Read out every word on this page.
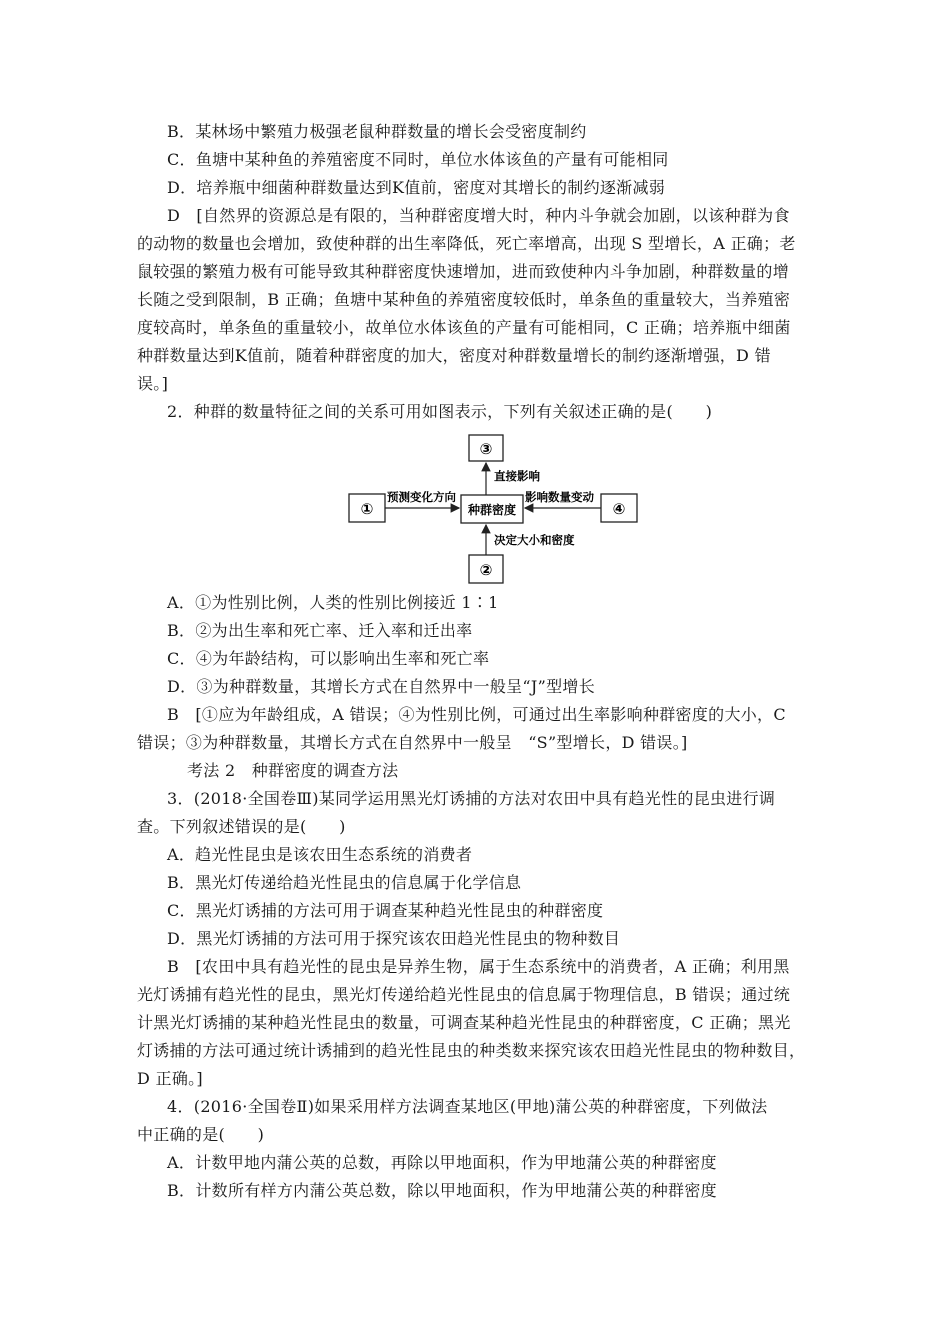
B．某林场中繁殖力极强老鼠种群数量的增长会受密度制约
C．鱼塘中某种鱼的养殖密度不同时，单位水体该鱼的产量有可能相同
D．培养瓶中细菌种群数量达到K值前，密度对其增长的制约逐渐减弱
D　[自然界的资源总是有限的，当种群密度增大时，种内斗争就会加剧，以该种群为食
的动物的数量也会增加，致使种群的出生率降低，死亡率增高，出现 S 型增长，A 正确；老
鼠较强的繁殖力极有可能导致其种群密度快速增加，进而致使种内斗争加剧，种群数量的增
长随之受到限制，B 正确；鱼塘中某种鱼的养殖密度较低时，单条鱼的重量较大，当养殖密
度较高时，单条鱼的重量较小，故单位水体该鱼的产量有可能相同，C 正确；培养瓶中细菌
种群数量达到K值前，随着种群密度的加大，密度对种群数量增长的制约逐渐增强，D 错
误。]
2．种群的数量特征之间的关系可用如图表示，下列有关叙述正确的是(　　)
③
①	种群密度	④
②
直接影响
预测变化方向	影响数量变动
决定大小和密度
A．①为性别比例，人类的性别比例接近 1∶1
B．②为出生率和死亡率、迁入率和迁出率
C．④为年龄结构，可以影响出生率和死亡率
D．③为种群数量，其增长方式在自然界中一般呈“J”型增长
B　[①应为年龄组成，A 错误；④为性别比例，可通过出生率影响种群密度的大小，C
错误；③为种群数量，其增长方式在自然界中一般呈　“S”型增长，D 错误。]
考法 2　种群密度的调查方法
3．(2018·全国卷Ⅲ)某同学运用黑光灯诱捕的方法对农田中具有趋光性的昆虫进行调
查。下列叙述错误的是(　　)
A．趋光性昆虫是该农田生态系统的消费者
B．黑光灯传递给趋光性昆虫的信息属于化学信息
C．黑光灯诱捕的方法可用于调查某种趋光性昆虫的种群密度
D．黑光灯诱捕的方法可用于探究该农田趋光性昆虫的物种数目
B　[农田中具有趋光性的昆虫是异养生物，属于生态系统中的消费者，A 正确；利用黑
光灯诱捕有趋光性的昆虫，黑光灯传递给趋光性昆虫的信息属于物理信息，B 错误；通过统
计黑光灯诱捕的某种趋光性昆虫的数量，可调查某种趋光性昆虫的种群密度，C 正确；黑光
灯诱捕的方法可通过统计诱捕到的趋光性昆虫的种类数来探究该农田趋光性昆虫的物种数目，
D 正确。]
4．(2016·全国卷Ⅱ)如果采用样方法调查某地区(甲地)蒲公英的种群密度，下列做法
中正确的是(　　)
A．计数甲地内蒲公英的总数，再除以甲地面积，作为甲地蒲公英的种群密度
B．计数所有样方内蒲公英总数，除以甲地面积，作为甲地蒲公英的种群密度
